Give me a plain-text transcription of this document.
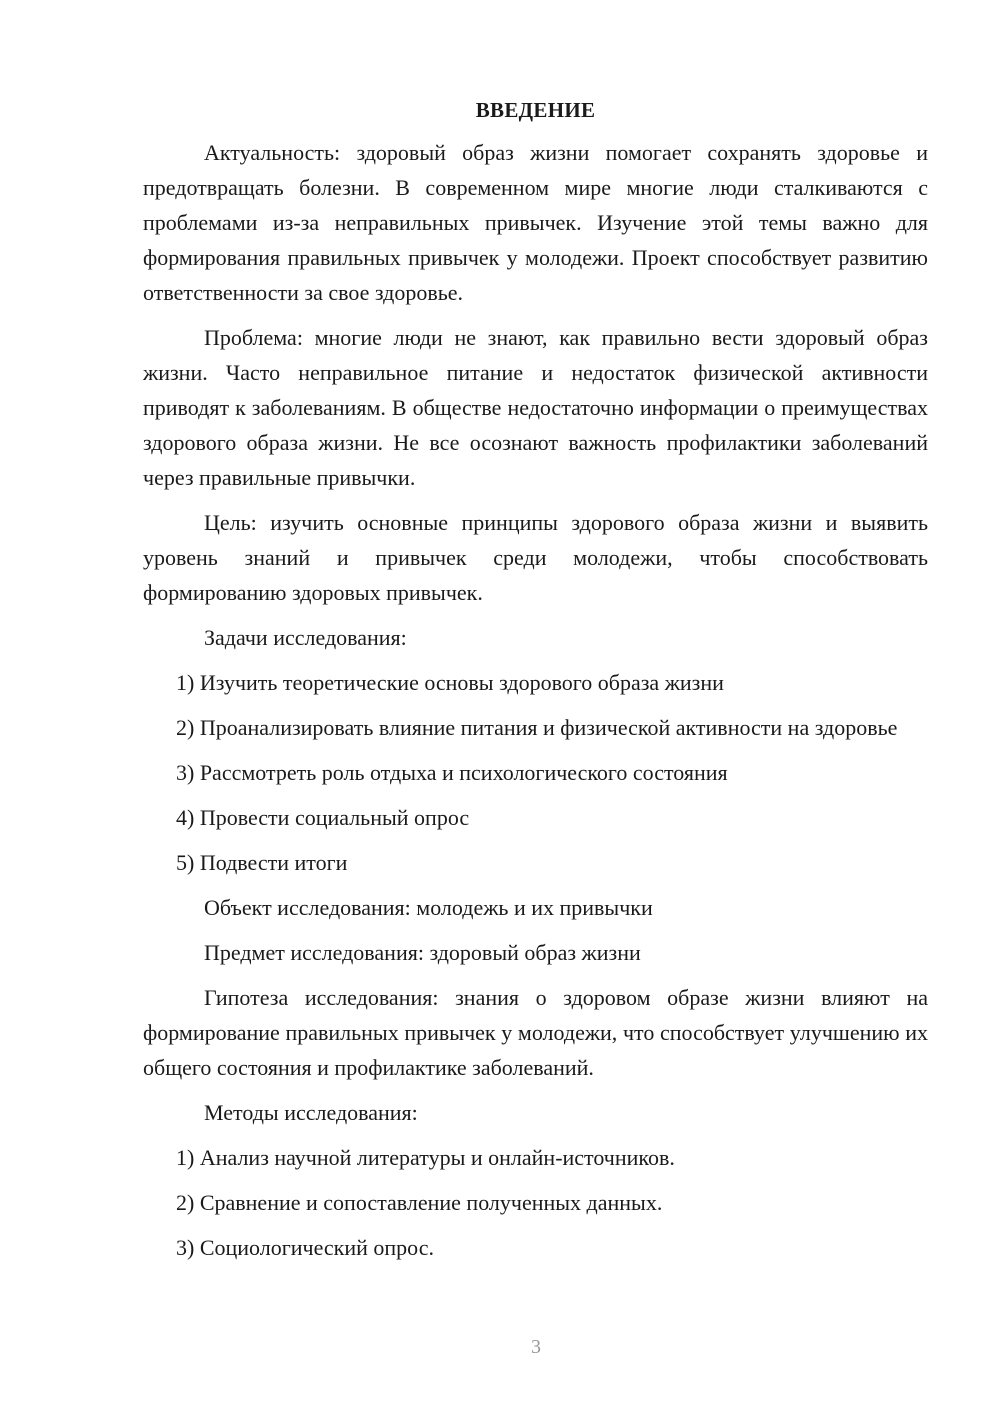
ВВЕДЕНИЕ

Актуальность: здоровый образ жизни помогает сохранять здоровье и предотвращать болезни. В современном мире многие люди сталкиваются с проблемами из-за неправильных привычек. Изучение этой темы важно для формирования правильных привычек у молодежи. Проект способствует развитию ответственности за свое здоровье.

Проблема: многие люди не знают, как правильно вести здоровый образ жизни. Часто неправильное питание и недостаток физической активности приводят к заболеваниям. В обществе недостаточно информации о преимуществах здорового образа жизни. Не все осознают важность профилактики заболеваний через правильные привычки.

Цель: изучить основные принципы здорового образа жизни и выявить уровень знаний и привычек среди молодежи, чтобы способствовать формированию здоровых привычек.

Задачи исследования:

1) Изучить теоретические основы здорового образа жизни

2) Проанализировать влияние питания и физической активности на здоровье

3) Рассмотреть роль отдыха и психологического состояния

4) Провести социальный опрос

5) Подвести итоги

Объект исследования: молодежь и их привычки

Предмет исследования: здоровый образ жизни

Гипотеза исследования: знания о здоровом образе жизни влияют на формирование правильных привычек у молодежи, что способствует улучшению их общего состояния и профилактике заболеваний.

Методы исследования:

1) Анализ научной литературы и онлайн-источников.

2) Сравнение и сопоставление полученных данных.

3) Социологический опрос.

3
